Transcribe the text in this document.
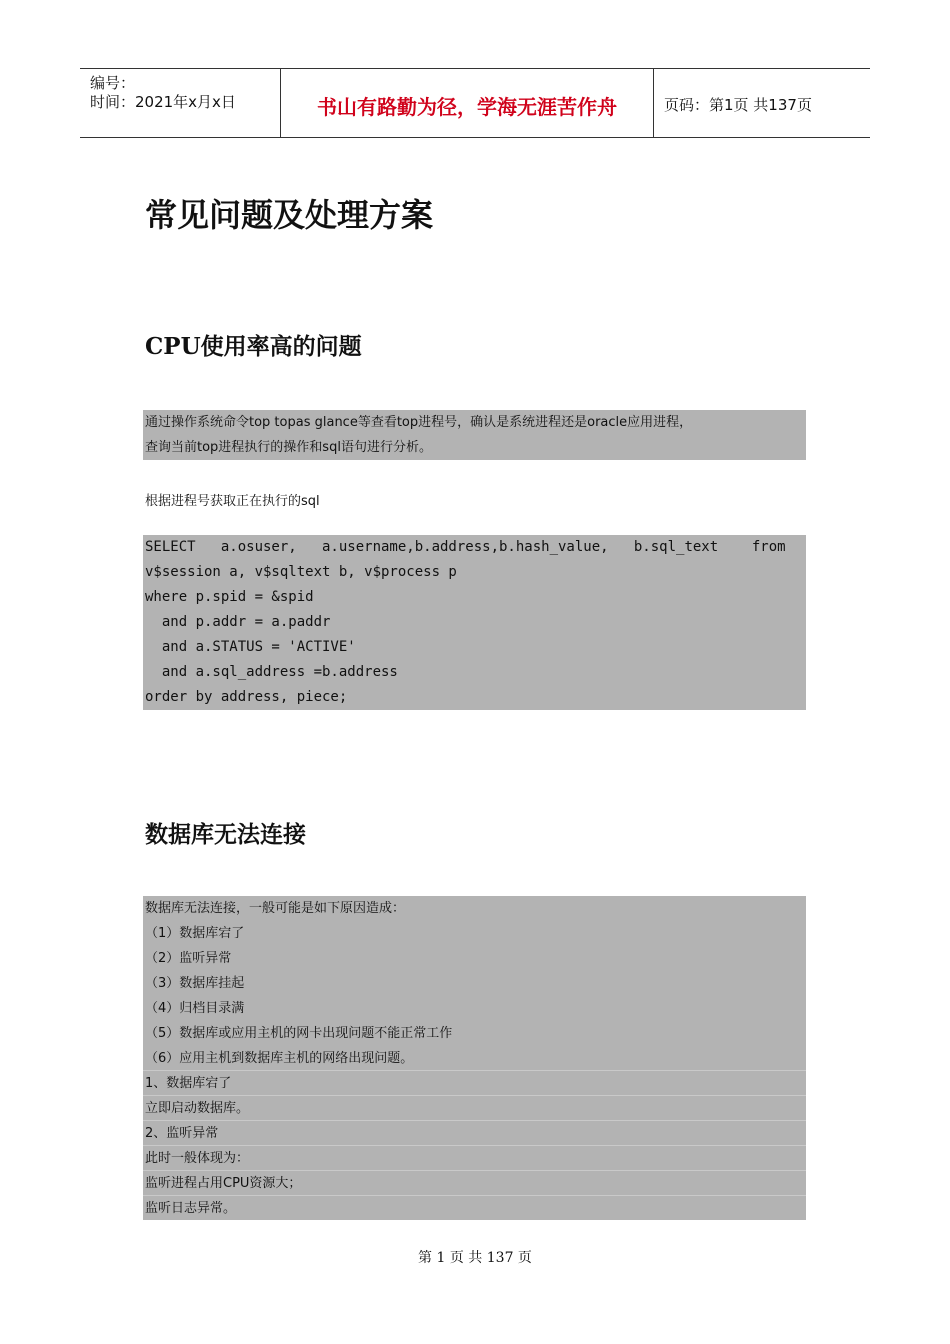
编号：
时间：2021年x月x日	书山有路勤为径，学海无涯苦作舟	页码：第1页 共137页
常见问题及处理方案
CPU使用率高的问题
通过操作系统命令top topas glance等查看top进程号，确认是系统进程还是oracle应用进程，
查询当前top进程执行的操作和sql语句进行分析。
根据进程号获取正在执行的sql
SELECT   a.osuser,   a.username,b.address,b.hash_value,   b.sql_text    from
v$session a, v$sqltext b, v$process p
where p.spid = &spid
and p.addr = a.paddr
and a.STATUS = 'ACTIVE'
and a.sql_address =b.address
order by address, piece;
数据库无法连接
数据库无法连接，一般可能是如下原因造成：
（1）数据库宕了
（2）监听异常
（3）数据库挂起
（4）归档目录满
（5）数据库或应用主机的网卡出现问题不能正常工作
（6）应用主机到数据库主机的网络出现问题。
1、数据库宕了
立即启动数据库。
2、监听异常
此时一般体现为：
监听进程占用CPU资源大；
监听日志异常。
第 1 页 共 137 页
